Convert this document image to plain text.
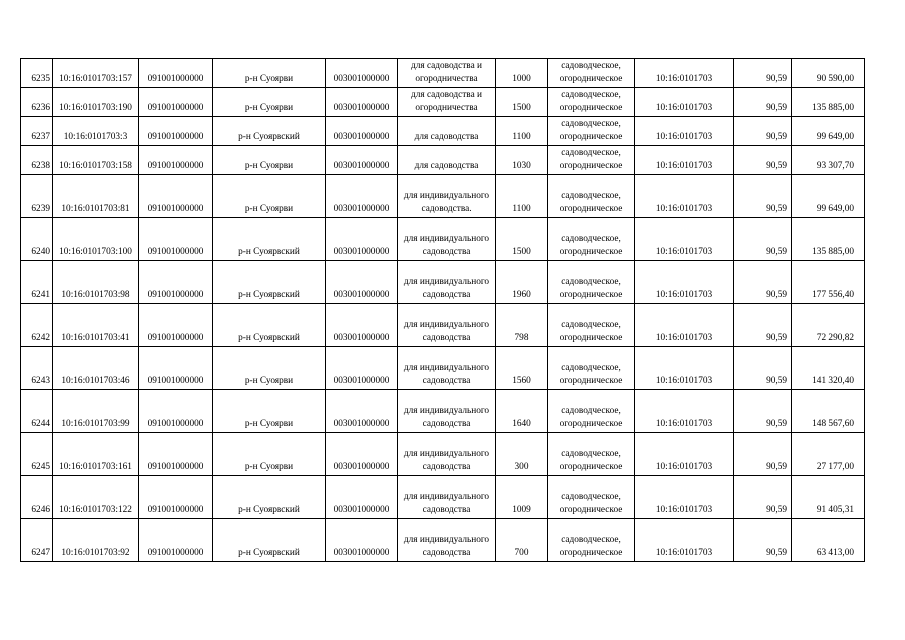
6235	10:16:0101703:157	091001000000	р-н Суоярви	003001000000	для садоводства и огородничества	1000	садоводческое, огородническое	10:16:0101703	90,59	90 590,00
6236	10:16:0101703:190	091001000000	р-н Суоярви	003001000000	для садоводства и огородничества	1500	садоводческое, огородническое	10:16:0101703	90,59	135 885,00
6237	10:16:0101703:3	091001000000	р-н Суоярвский	003001000000	для садоводства	1100	садоводческое, огородническое	10:16:0101703	90,59	99 649,00
6238	10:16:0101703:158	091001000000	р-н Суоярви	003001000000	для садоводства	1030	садоводческое, огородническое	10:16:0101703	90,59	93 307,70
6239	10:16:0101703:81	091001000000	р-н Суоярви	003001000000	для индивидуального садоводства.	1100	садоводческое, огородническое	10:16:0101703	90,59	99 649,00
6240	10:16:0101703:100	091001000000	р-н Суоярвский	003001000000	для индивидуального садоводства	1500	садоводческое, огородническое	10:16:0101703	90,59	135 885,00
6241	10:16:0101703:98	091001000000	р-н Суоярвский	003001000000	для индивидуального садоводства	1960	садоводческое, огородническое	10:16:0101703	90,59	177 556,40
6242	10:16:0101703:41	091001000000	р-н Суоярвский	003001000000	для индивидуального садоводства	798	садоводческое, огородническое	10:16:0101703	90,59	72 290,82
6243	10:16:0101703:46	091001000000	р-н Суоярви	003001000000	для индивидуального садоводства	1560	садоводческое, огородническое	10:16:0101703	90,59	141 320,40
6244	10:16:0101703:99	091001000000	р-н Суоярви	003001000000	для индивидуального садоводства	1640	садоводческое, огородническое	10:16:0101703	90,59	148 567,60
6245	10:16:0101703:161	091001000000	р-н Суоярви	003001000000	для индивидуального садоводства	300	садоводческое, огородническое	10:16:0101703	90,59	27 177,00
6246	10:16:0101703:122	091001000000	р-н Суоярвский	003001000000	для индивидуального садоводства	1009	садоводческое, огородническое	10:16:0101703	90,59	91 405,31
6247	10:16:0101703:92	091001000000	р-н Суоярвский	003001000000	для индивидуального садоводства	700	садоводческое, огородническое	10:16:0101703	90,59	63 413,00
